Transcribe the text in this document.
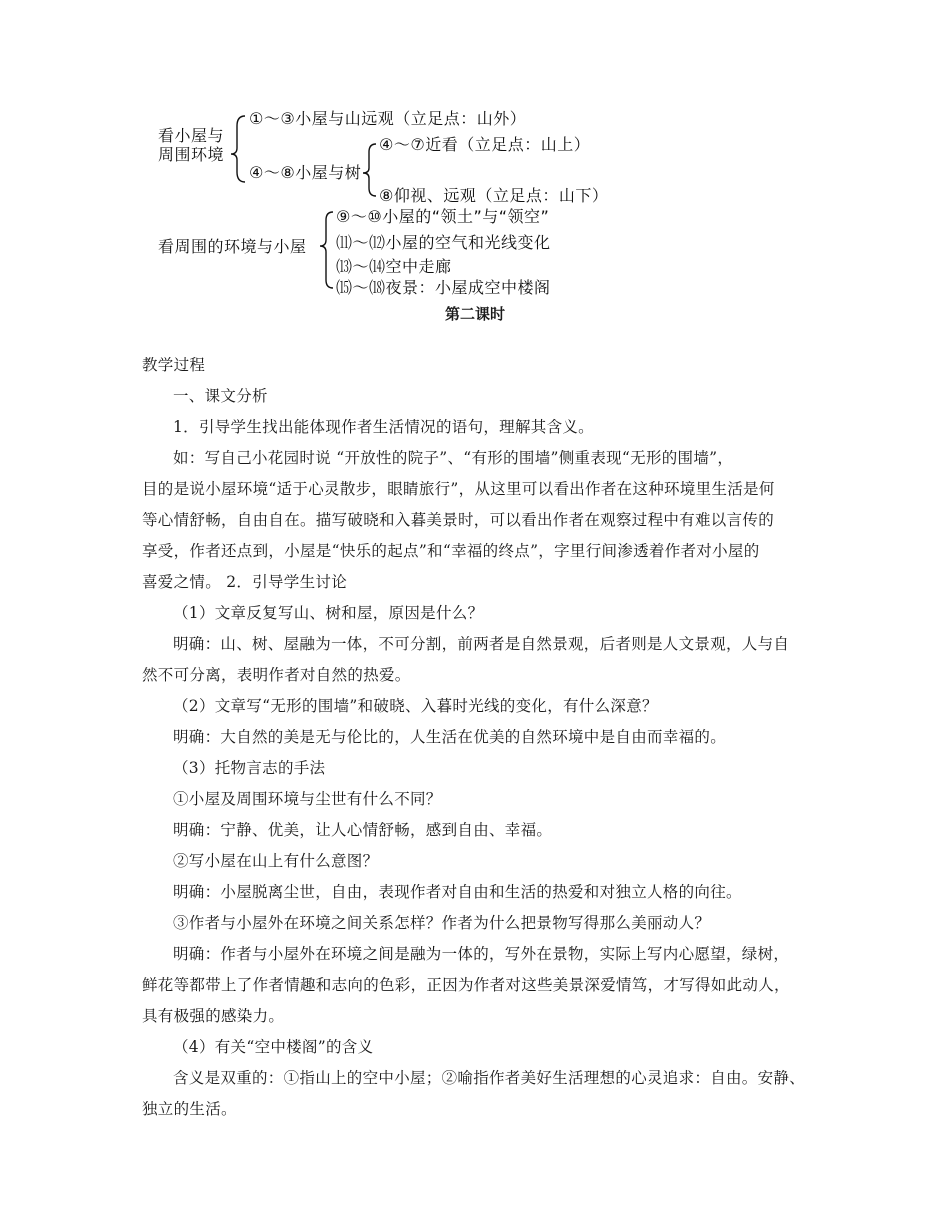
看小屋与周围环境
①～③小屋与山远观（立足点：山外）
④～⑧小屋与树
④～⑦近看（立足点：山上）
⑧仰视、远观（立足点：山下）
看周围的环境与小屋
⑨～⑩小屋的“领土”与“领空”
⑾～⑿小屋的空气和光线变化
⒀～⒁空中走廊
⒂～⒅夜景：小屋成空中楼阁
第二课时
教学过程
一、课文分析
1．引导学生找出能体现作者生活情况的语句，理解其含义。
如：写自己小花园时说 “开放性的院子”、“有形的围墙”侧重表现“无形的围墙”，
目的是说小屋环境“适于心灵散步，眼睛旅行”，从这里可以看出作者在这种环境里生活是何
等心情舒畅，自由自在。描写破晓和入暮美景时，可以看出作者在观察过程中有难以言传的
享受，作者还点到，小屋是“快乐的起点”和“幸福的终点”，字里行间渗透着作者对小屋的
喜爱之情。 2．引导学生讨论
（1）文章反复写山、树和屋，原因是什么？
明确：山、树、屋融为一体，不可分割，前两者是自然景观，后者则是人文景观，人与自
然不可分离，表明作者对自然的热爱。
（2）文章写“无形的围墙”和破晓、入暮时光线的变化，有什么深意？
明确：大自然的美是无与伦比的，人生活在优美的自然环境中是自由而幸福的。
（3）托物言志的手法
①小屋及周围环境与尘世有什么不同？
明确：宁静、优美，让人心情舒畅，感到自由、幸福。
②写小屋在山上有什么意图？
明确：小屋脱离尘世，自由，表现作者对自由和生活的热爱和对独立人格的向往。
③作者与小屋外在环境之间关系怎样？作者为什么把景物写得那么美丽动人？
明确：作者与小屋外在环境之间是融为一体的，写外在景物，实际上写内心愿望，绿树，
鲜花等都带上了作者情趣和志向的色彩，正因为作者对这些美景深爱情笃，才写得如此动人，
具有极强的感染力。
（4）有关“空中楼阁”的含义
含义是双重的：①指山上的空中小屋；②喻指作者美好生活理想的心灵追求：自由。安静、
独立的生活。
